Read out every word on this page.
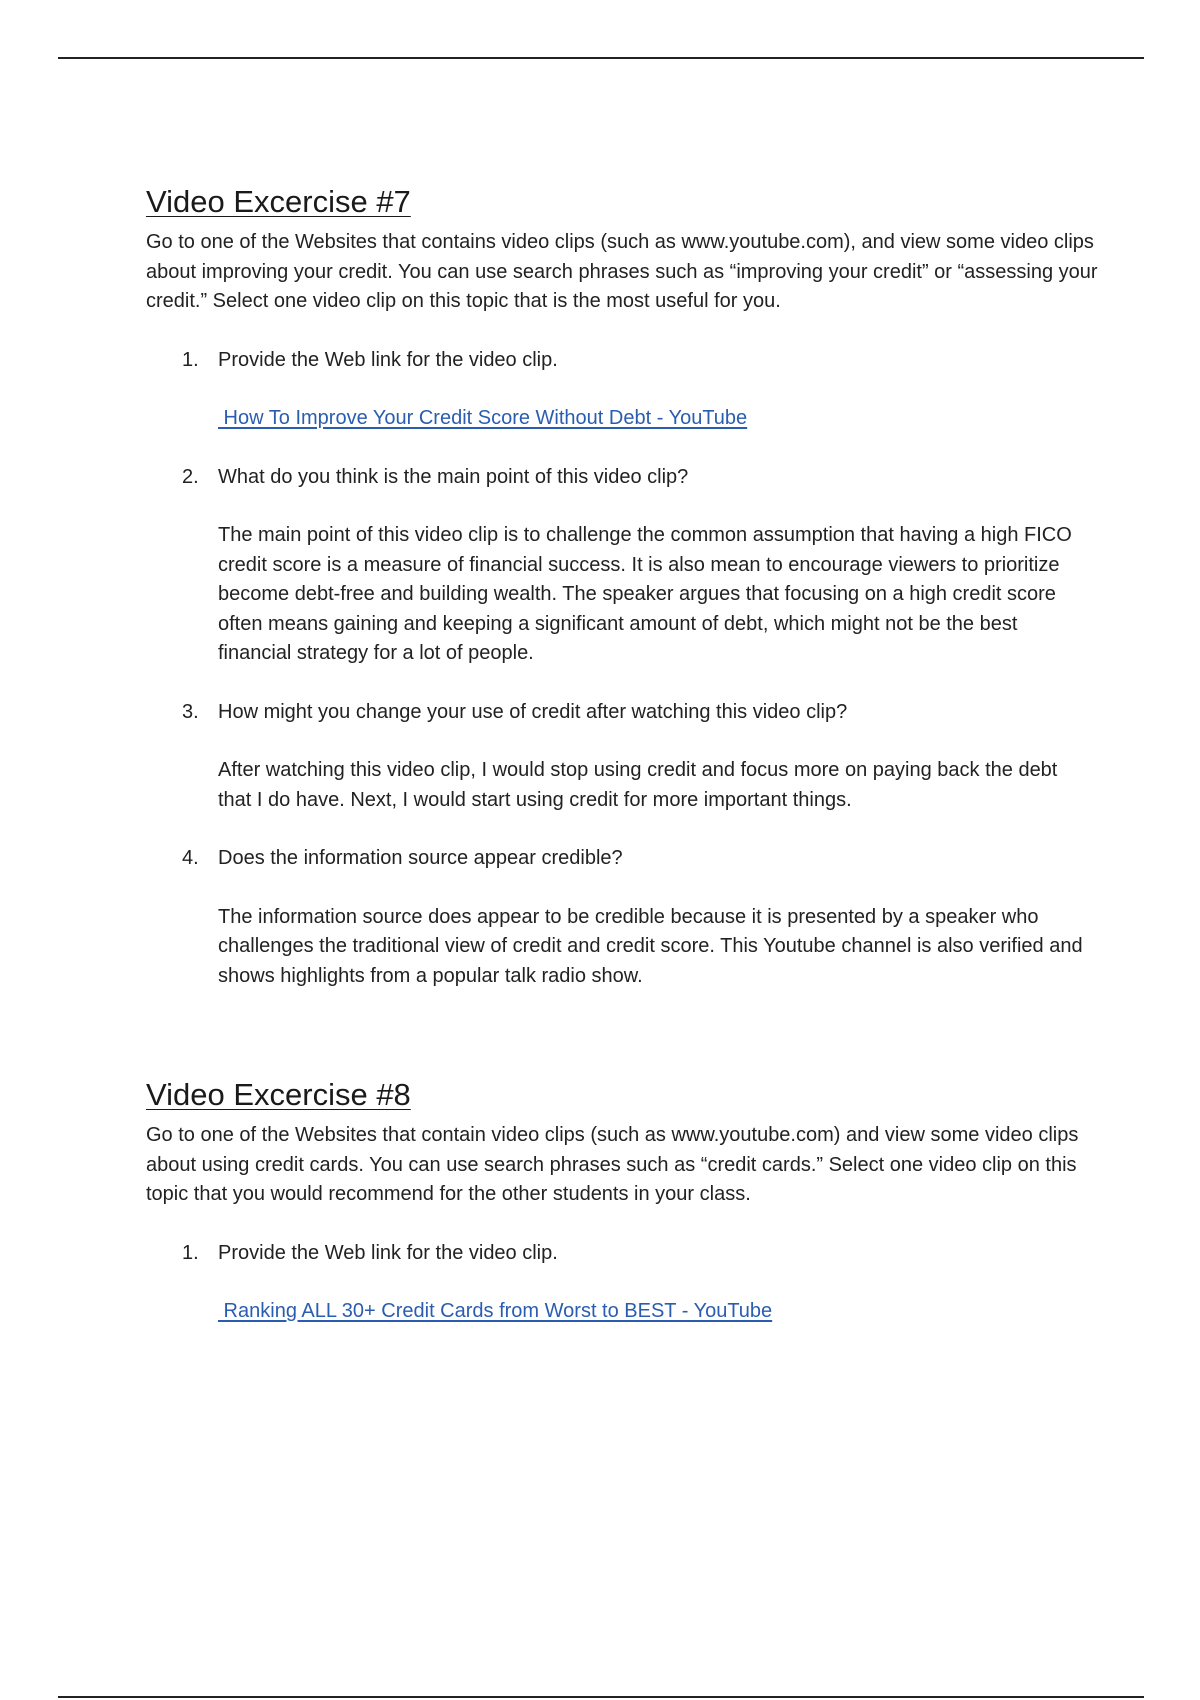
Video Excercise #7

Go to one of the Websites that contains video clips (such as www.youtube.com), and view some video clips about improving your credit. You can use search phrases such as “improving your credit” or “assessing your credit.” Select one video clip on this topic that is the most useful for you.

1. Provide the Web link for the video clip.

How To Improve Your Credit Score Without Debt - YouTube
2. What do you think is the main point of this video clip?

The main point of this video clip is to challenge the common assumption that having a high FICO credit score is a measure of financial success. It is also mean to encourage viewers to prioritize become debt-free and building wealth. The speaker argues that focusing on a high credit score often means gaining and keeping a significant amount of debt, which might not be the best financial strategy for a lot of people.

3. How might you change your use of credit after watching this video clip?

After watching this video clip, I would stop using credit and focus more on paying back the debt that I do have. Next, I would start using credit for more important things.

4. Does the information source appear credible?

The information source does appear to be credible because it is presented by a speaker who challenges the traditional view of credit and credit score. This Youtube channel is also verified and shows highlights from a popular talk radio show.

Video Excercise #8

Go to one of the Websites that contain video clips (such as www.youtube.com) and view some video clips about using credit cards. You can use search phrases such as “credit cards.” Select one video clip on this topic that you would recommend for the other students in your class.

1. Provide the Web link for the video clip.

Ranking ALL 30+ Credit Cards from Worst to BEST - YouTube
